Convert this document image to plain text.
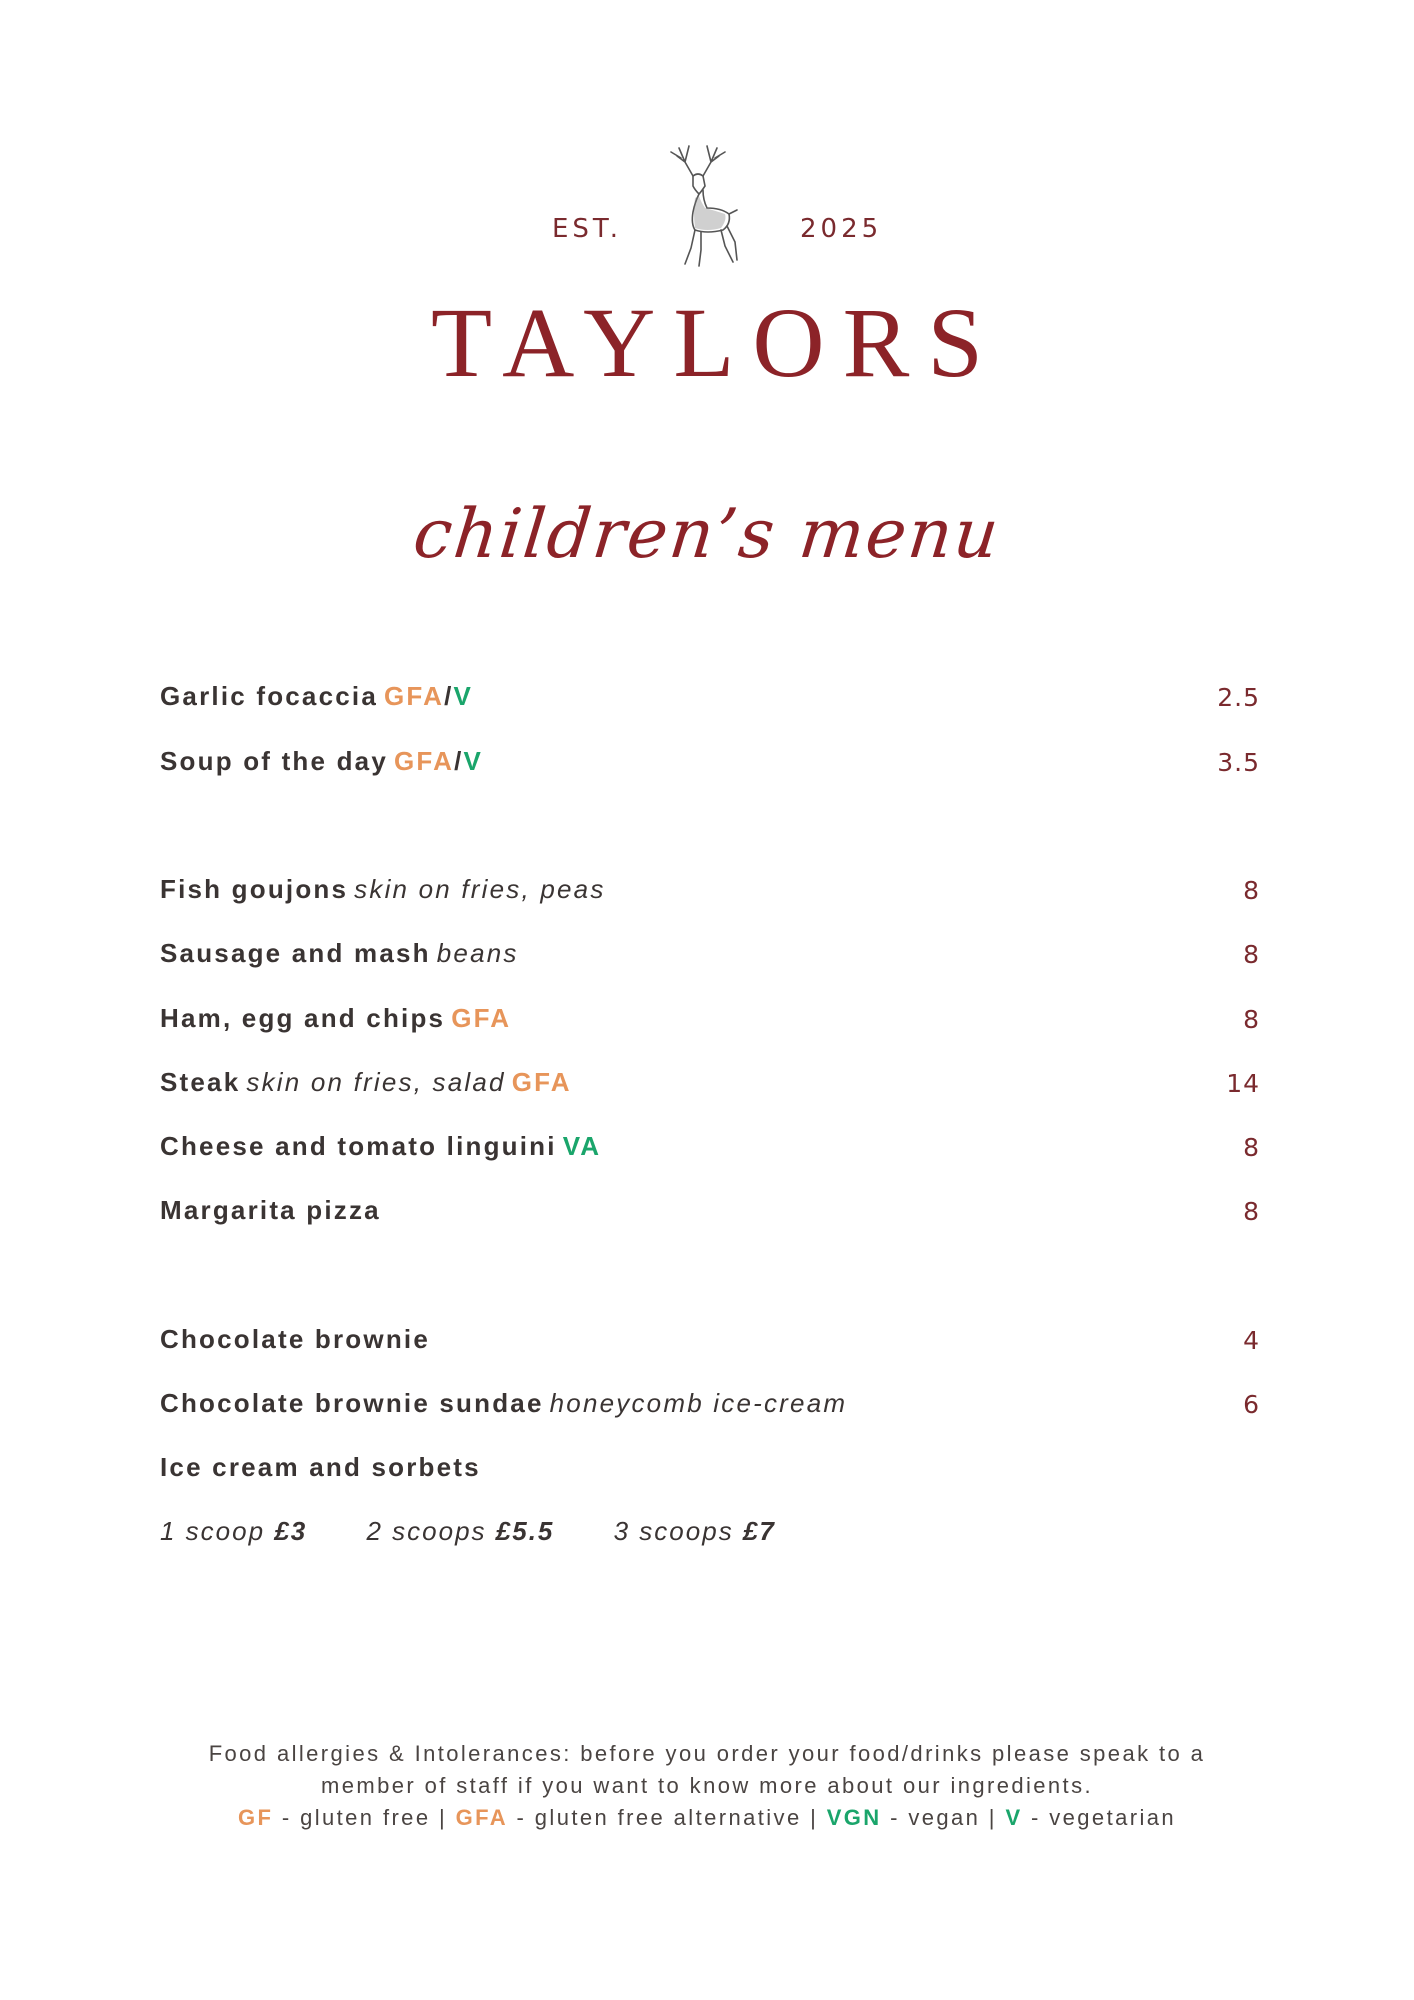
EST.	2025
TAYLORS
children’s menu
Garlic focaccia GFA/V	2.5
Soup of the day GFA/V	3.5
Fish goujons skin on fries, peas	8
Sausage and mash beans	8
Ham, egg and chips GFA	8
Steak skin on fries, salad GFA	14
Cheese and tomato linguini VA	8
Margarita pizza	8
Chocolate brownie	4
Chocolate brownie sundae honeycomb ice-cream	6
Ice cream and sorbets
1 scoop £3 2 scoops £5.5 3 scoops £7
Food allergies & Intolerances: before you order your food/drinks please speak to a
member of staff if you want to know more about our ingredients.
GF - gluten free | GFA - gluten free alternative | VGN - vegan | V - vegetarian
